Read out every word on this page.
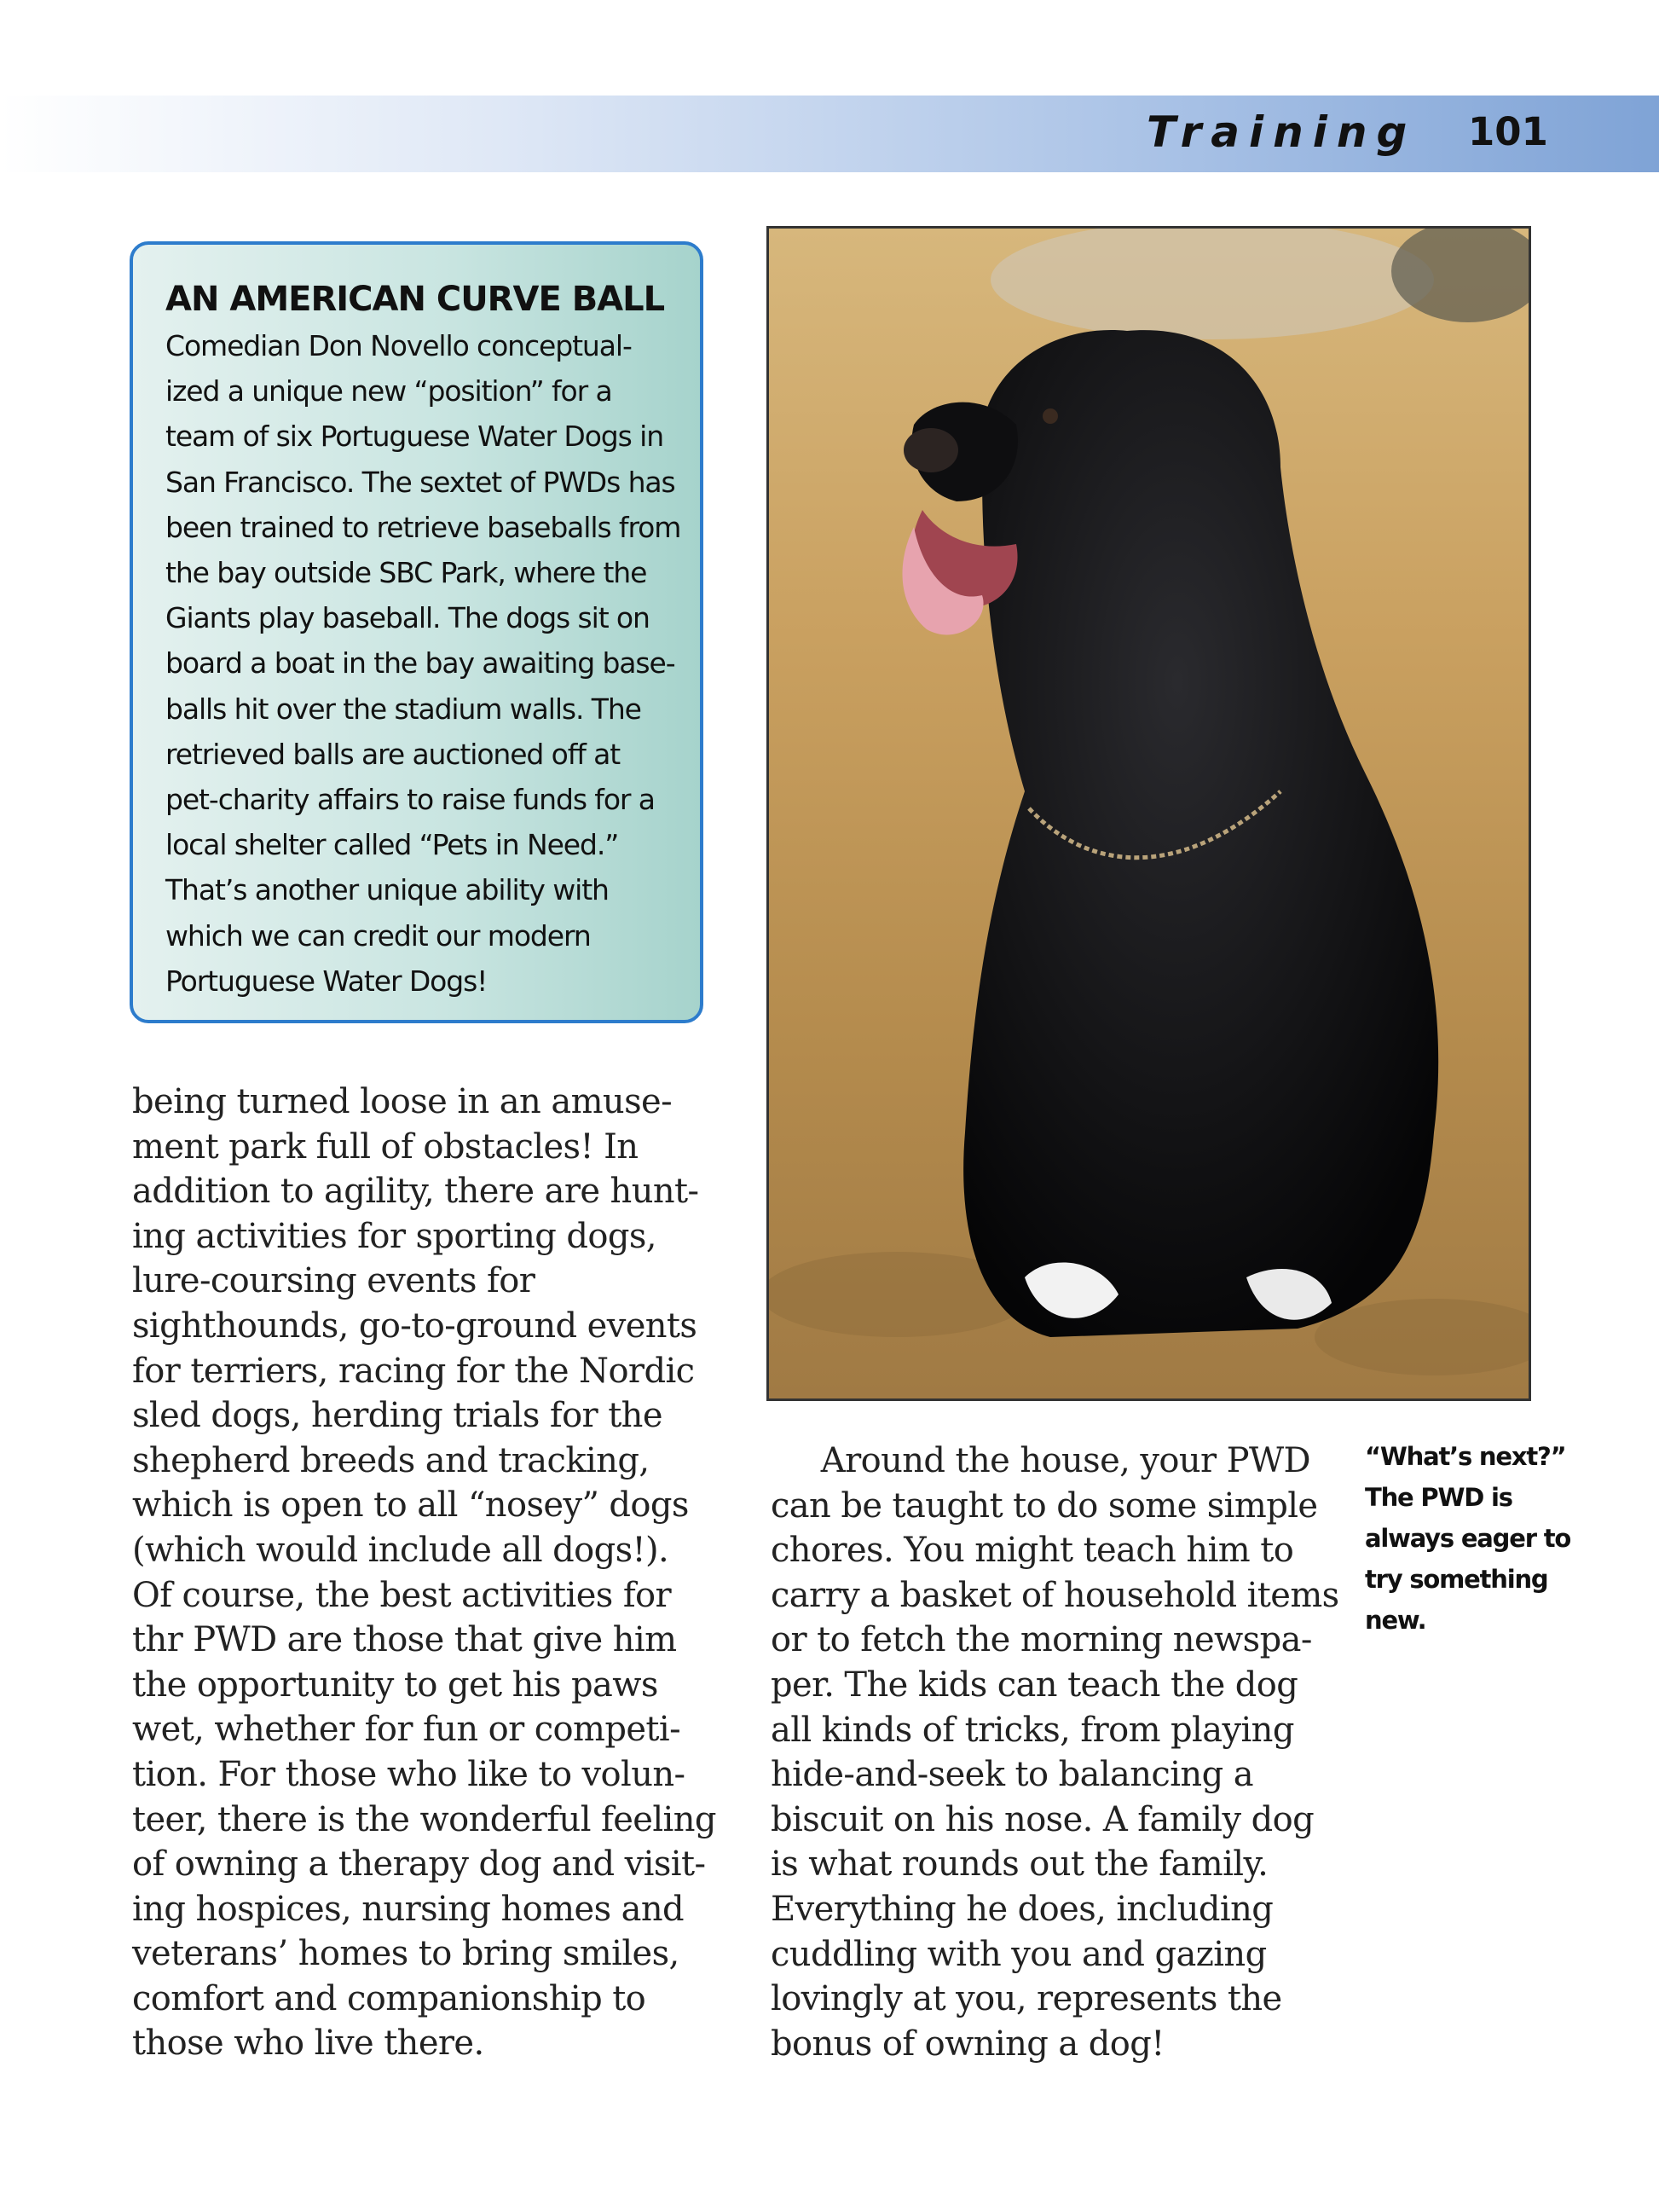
Training 101
AN AMERICAN CURVE BALL
Comedian Don Novello conceptual-
ized a unique new “position” for a
team of six Portuguese Water Dogs in
San Francisco. The sextet of PWDs has
been trained to retrieve baseballs from
the bay outside SBC Park, where the
Giants play baseball. The dogs sit on
board a boat in the bay awaiting base-
balls hit over the stadium walls. The
retrieved balls are auctioned off at
pet-charity affairs to raise funds for a
local shelter called “Pets in Need.”
That’s another unique ability with
which we can credit our modern
Portuguese Water Dogs!
being turned loose in an amuse-
ment park full of obstacles! In
addition to agility, there are hunt-
ing activities for sporting dogs,
lure-coursing events for
sighthounds, go-to-ground events
for terriers, racing for the Nordic
sled dogs, herding trials for the
shepherd breeds and tracking,
which is open to all “nosey” dogs
(which would include all dogs!).
Of course, the best activities for
thr PWD are those that give him
the opportunity to get his paws
wet, whether for fun or competi-
tion. For those who like to volun-
teer, there is the wonderful feeling
of owning a therapy dog and visit-
ing hospices, nursing homes and
veterans’ homes to bring smiles,
comfort and companionship to
those who live there.
  Around the house, your PWD
can be taught to do some simple
chores. You might teach him to
carry a basket of household items
or to fetch the morning newspa-
per. The kids can teach the dog
all kinds of tricks, from playing
hide-and-seek to balancing a
biscuit on his nose. A family dog
is what rounds out the family.
Everything he does, including
cuddling with you and gazing
lovingly at you, represents the
bonus of owning a dog!
“What’s next?”
The PWD is
always eager to
try something
new.
